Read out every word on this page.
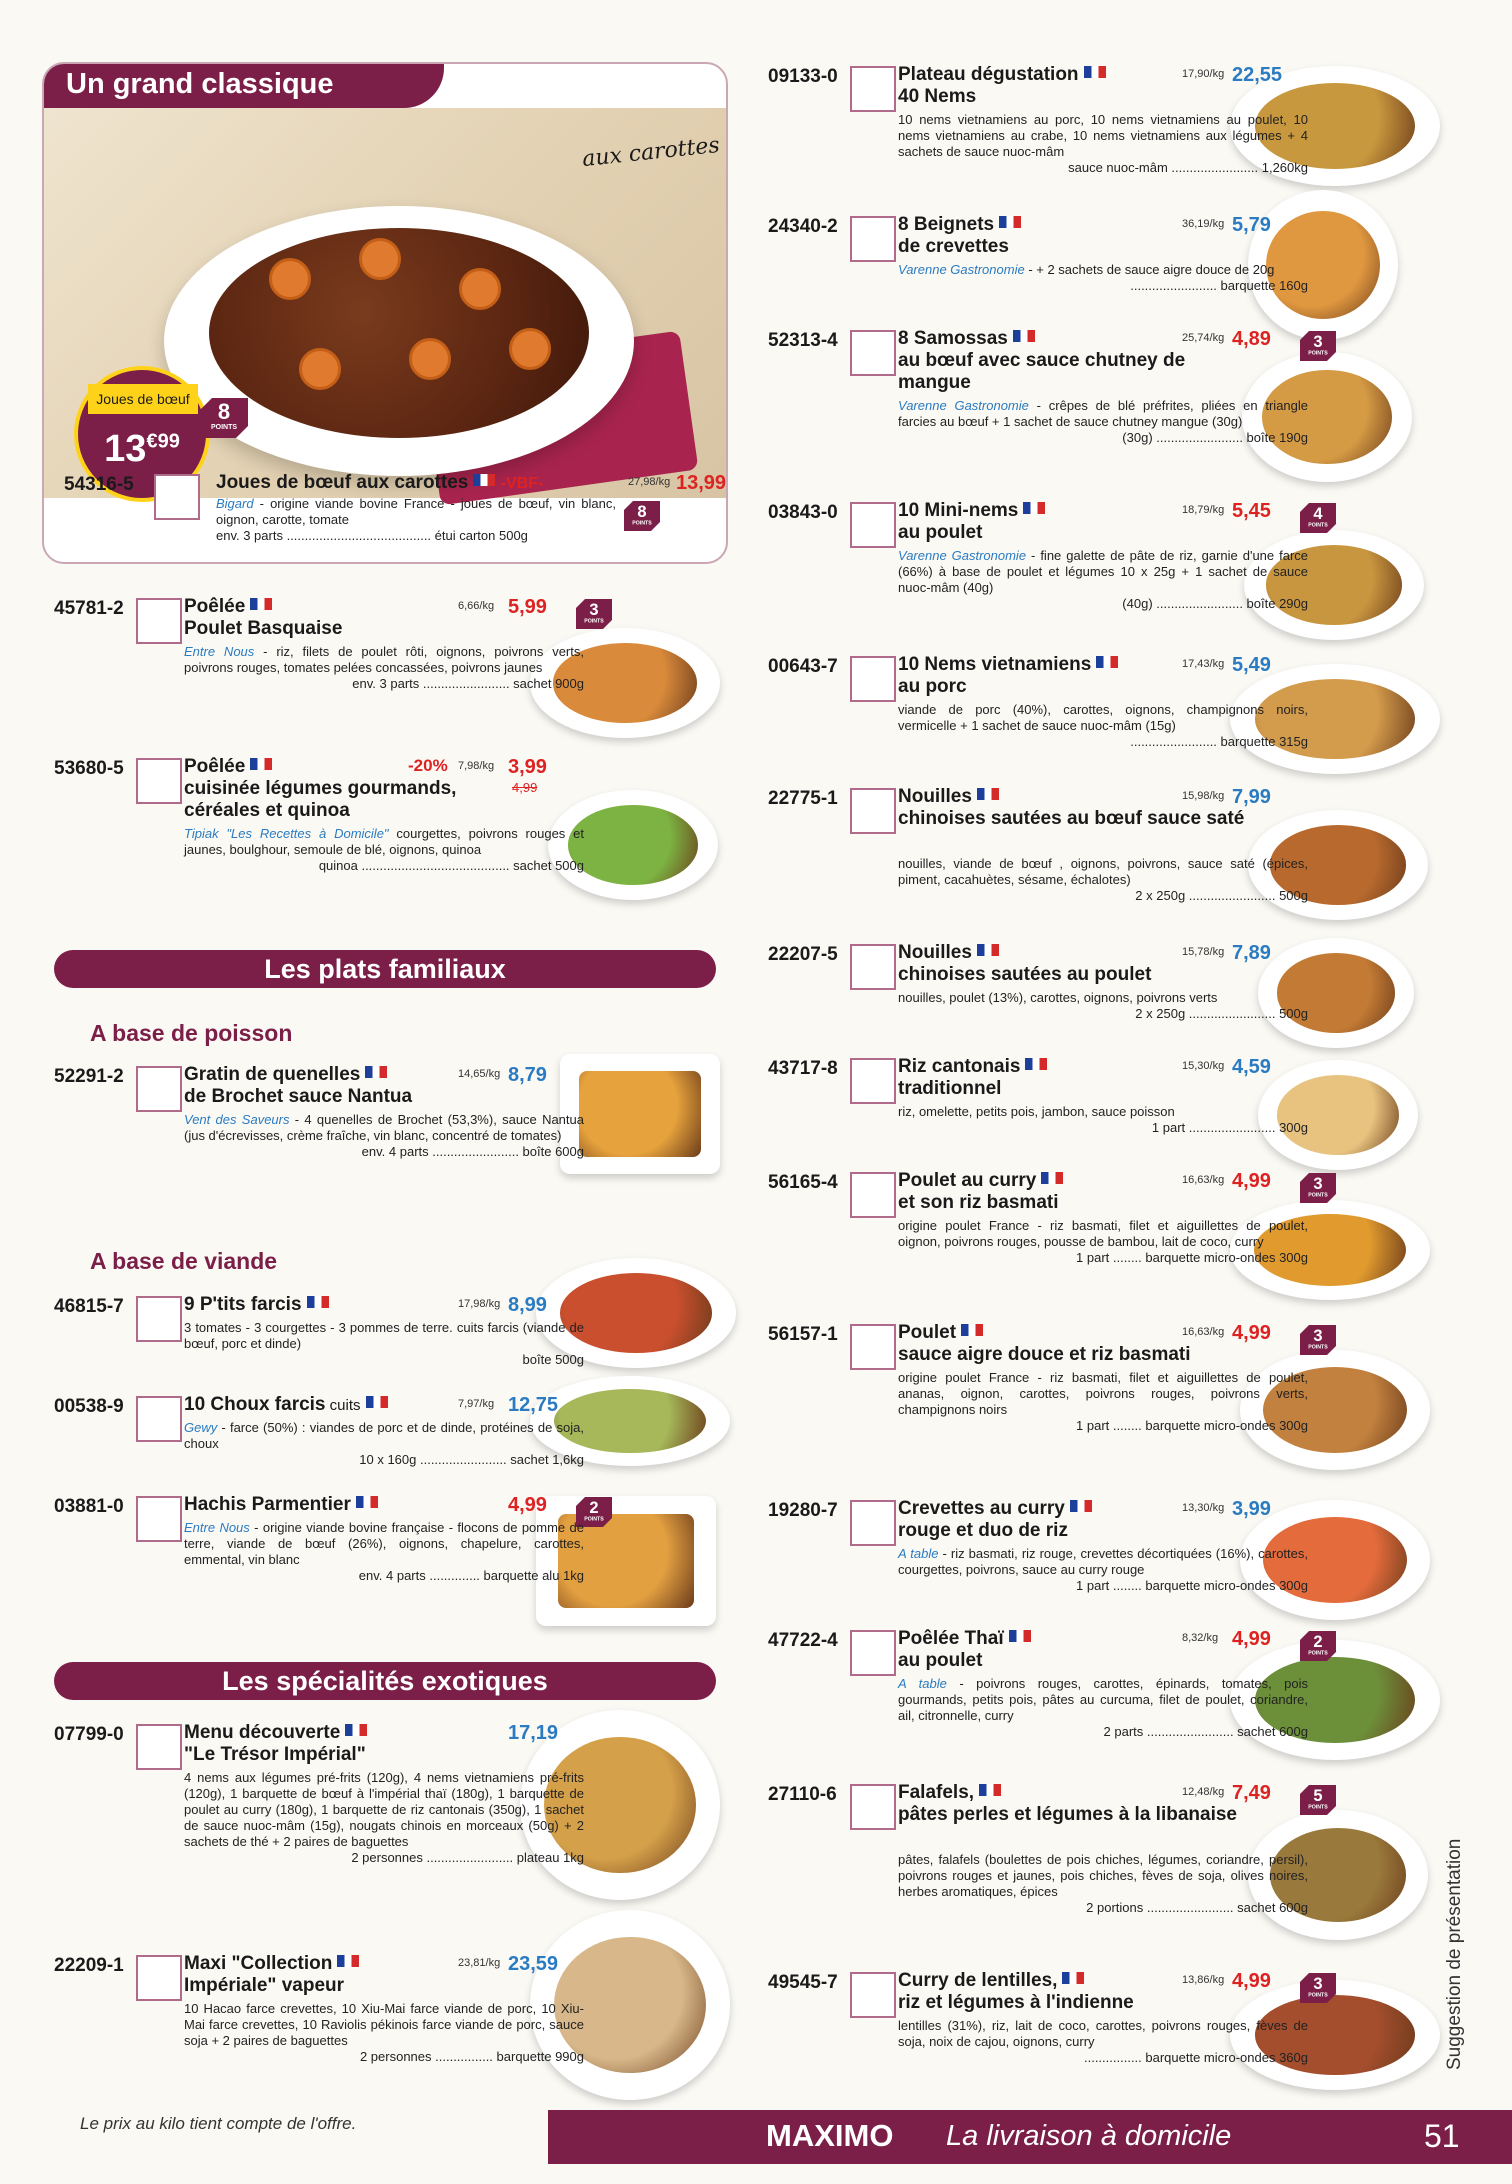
aux carottes
Joues de bœuf
$13^{€99}$
8
POINTS
Un grand classique
54316-5	Joues de bœuf aux carottes -VBF-	27,98/kg 13,99
8
POINTS
Bigard - origine viande bovine France - joues de bœuf, vin blanc, oignon, carotte, tomate
env. 3 parts ........................................ étui carton 500g
45781-2	Poêlée
Poulet Basquaise
6,66/kg 5,99	3
POINTS
Entre Nous - riz, filets de poulet rôti, oignons, poivrons verts, poivrons rouges, tomates pelées concassées, poivrons jaunes
env. 3 parts ........................ sachet 900g
53680-5	Poêlée
cuisinée légumes gourmands, céréales et quinoa
-20% 7,98/kg 3,99
4,99
Tipiak "Les Recettes à Domicile" courgettes, poivrons rouges et jaunes, boulghour, semoule de blé, oignons, quinoa
quinoa ......................................... sachet 500g
52291-2	Gratin de quenelles
de Brochet sauce Nantua
14,65/kg 8,79
Vent des Saveurs - 4 quenelles de Brochet (53,3%), sauce Nantua (jus d'écrevisses, crème fraîche, vin blanc, concentré de tomates)
env. 4 parts ........................ boîte 600g
46815-7	9 P'tits farcis	17,98/kg 8,99
3 tomates - 3 courgettes - 3 pommes de terre. cuits farcis (viande de bœuf, porc et dinde)
boîte 500g
00538-9	10 Choux farcis cuits	7,97/kg 12,75
Gewy - farce (50%) : viandes de porc et de dinde, protéines de soja, choux
10 x 160g ........................ sachet 1,6kg
03881-0	Hachis Parmentier	4,99	2
POINTS
Entre Nous - origine viande bovine française - flocons de pomme de terre, viande de bœuf (26%), oignons, chapelure, carottes, emmental, vin blanc
env. 4 parts .............. barquette alu 1kg
07799-0	Menu découverte
"Le Trésor Impérial"
17,19
4 nems aux légumes pré-frits (120g), 4 nems vietnamiens pré-frits (120g), 1 barquette de bœuf à l'impérial thaï (180g), 1 barquette de poulet au curry (180g), 1 barquette de riz cantonais (350g), 1 sachet de sauce nuoc-mâm (15g), nougats chinois en morceaux (50g) + 2 sachets de thé + 2 paires de baguettes
2 personnes ........................ plateau 1kg
22209-1	Maxi "Collection
Impériale" vapeur
23,81/kg 23,59
10 Hacao farce crevettes, 10 Xiu-Mai farce viande de porc, 10 Xiu-Mai farce crevettes, 10 Raviolis pékinois farce viande de porc, sauce soja + 2 paires de baguettes
2 personnes ................ barquette 990g
Les plats familiaux
A base de poisson
A base de viande
Les spécialités exotiques
09133-0	Plateau dégustation
40 Nems
17,90/kg 22,55
10 nems vietnamiens au porc, 10 nems vietnamiens au poulet, 10 nems vietnamiens au crabe, 10 nems vietnamiens aux légumes + 4 sachets de sauce nuoc-mâm
sauce nuoc-mâm ........................ 1,260kg
24340-2	8 Beignets
de crevettes
36,19/kg 5,79
Varenne Gastronomie - + 2 sachets de sauce aigre douce de 20g
........................ barquette 160g
52313-4	8 Samossas
au bœuf avec sauce chutney de mangue
25,74/kg 4,89	3
POINTS
Varenne Gastronomie - crêpes de blé préfrites, pliées en triangle farcies au bœuf + 1 sachet de sauce chutney mangue (30g)
(30g) ........................ boîte 190g
03843-0	10 Mini-nems
au poulet
18,79/kg 5,45	4
POINTS
Varenne Gastronomie - fine galette de pâte de riz, garnie d'une farce (66%) à base de poulet et légumes 10 x 25g + 1 sachet de sauce nuoc-mâm (40g)
(40g) ........................ boîte 290g
00643-7	10 Nems vietnamiens
au porc
17,43/kg 5,49
viande de porc (40%), carottes, oignons, champignons noirs, vermicelle + 1 sachet de sauce nuoc-mâm (15g)
........................ barquette 315g
22775-1	Nouilles
chinoises sautées au bœuf sauce saté
15,98/kg 7,99
nouilles, viande de bœuf , oignons, poivrons, sauce saté (épices, piment, cacahuètes, sésame, échalotes)
2 x 250g ........................ 500g
22207-5	Nouilles
chinoises sautées au poulet
15,78/kg 7,89
nouilles, poulet (13%), carottes, oignons, poivrons verts
2 x 250g ........................ 500g
43717-8	Riz cantonais
traditionnel
15,30/kg 4,59
riz, omelette, petits pois, jambon, sauce poisson
1 part ........................ 300g
56165-4	Poulet au curry
et son riz basmati
16,63/kg 4,99	3
POINTS
origine poulet France - riz basmati, filet et aiguillettes de poulet, oignon, poivrons rouges, pousse de bambou, lait de coco, curry
1 part ........ barquette micro-ondes 300g
56157-1	Poulet
sauce aigre douce et riz basmati
16,63/kg 4,99	3
POINTS
origine poulet France - riz basmati, filet et aiguillettes de poulet, ananas, oignon, carottes, poivrons rouges, poivrons verts, champignons noirs
1 part ........ barquette micro-ondes 300g
19280-7	Crevettes au curry
rouge et duo de riz
13,30/kg 3,99
A table - riz basmati, riz rouge, crevettes décortiquées (16%), carottes, courgettes, poivrons, sauce au curry rouge
1 part ........ barquette micro-ondes 300g
47722-4	Poêlée Thaï
au poulet
8,32/kg 4,99	2
POINTS
A table - poivrons rouges, carottes, épinards, tomates, pois gourmands, petits pois, pâtes au curcuma, filet de poulet, coriandre, ail, citronnelle, curry
2 parts ........................ sachet 600g
27110-6	Falafels,
pâtes perles et légumes à la libanaise
12,48/kg 7,49	5
POINTS
pâtes, falafels (boulettes de pois chiches, légumes, coriandre, persil), poivrons rouges et jaunes, pois chiches, fèves de soja, olives noires, herbes aromatiques, épices
2 portions ........................ sachet 600g
49545-7	Curry de lentilles,
riz et légumes à l'indienne
13,86/kg 4,99	3
POINTS
lentilles (31%), riz, lait de coco, carottes, poivrons rouges, fèves de soja, noix de cajou, oignons, curry
................ barquette micro-ondes 360g
Le prix au kilo tient compte de l'offre.	MAXIMO La livraison à domicile	51
Suggestion de présentation
